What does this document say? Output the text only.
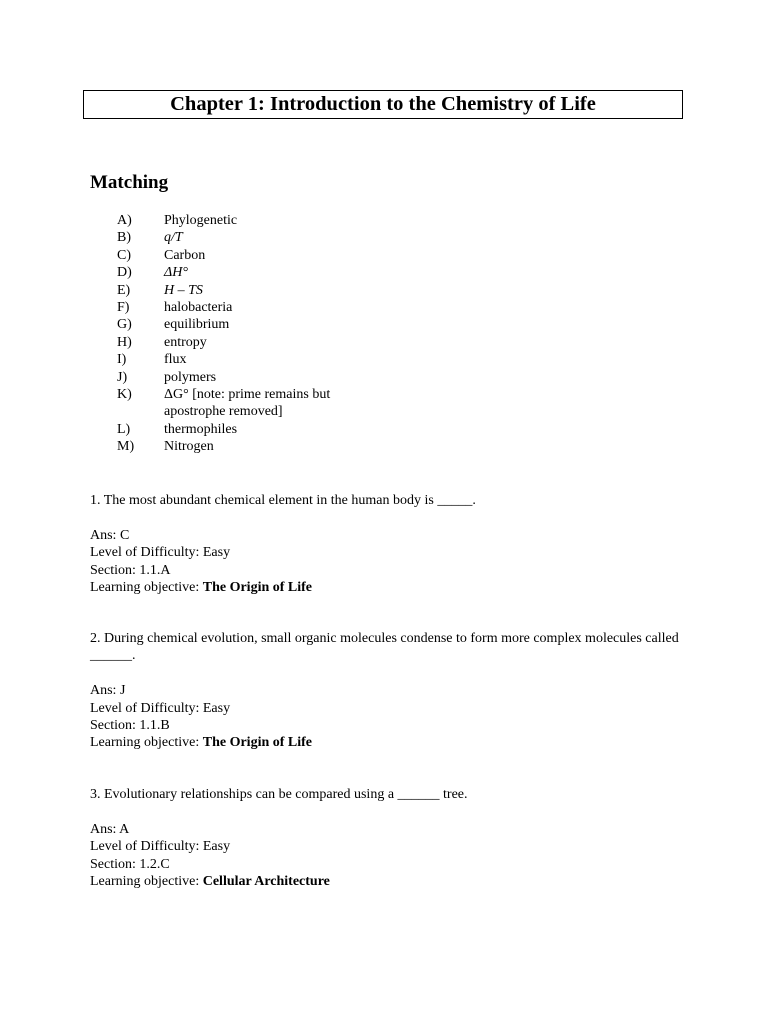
Chapter 1: Introduction to the Chemistry of Life
Matching
A)	Phylogenetic
B)	q/T
C)	Carbon
D)	ΔH°
E)	H – TS
F)	halobacteria
G)	equilibrium
H)	entropy
I)	flux
J)	polymers
K)	ΔG° [note: prime remains but apostrophe removed]
L)	thermophiles
M)	Nitrogen

1. The most abundant chemical element in the human body is _____.

Ans: C

Level of Difficulty: Easy

Section: 1.1.A

Learning objective: The Origin of Life

2. During chemical evolution, small organic molecules condense to form more complex molecules called ______.

Ans: J

Level of Difficulty: Easy

Section: 1.1.B

Learning objective: The Origin of Life

3. Evolutionary relationships can be compared using a ______ tree.

Ans: A

Level of Difficulty: Easy

Section: 1.2.C

Learning objective: Cellular Architecture
